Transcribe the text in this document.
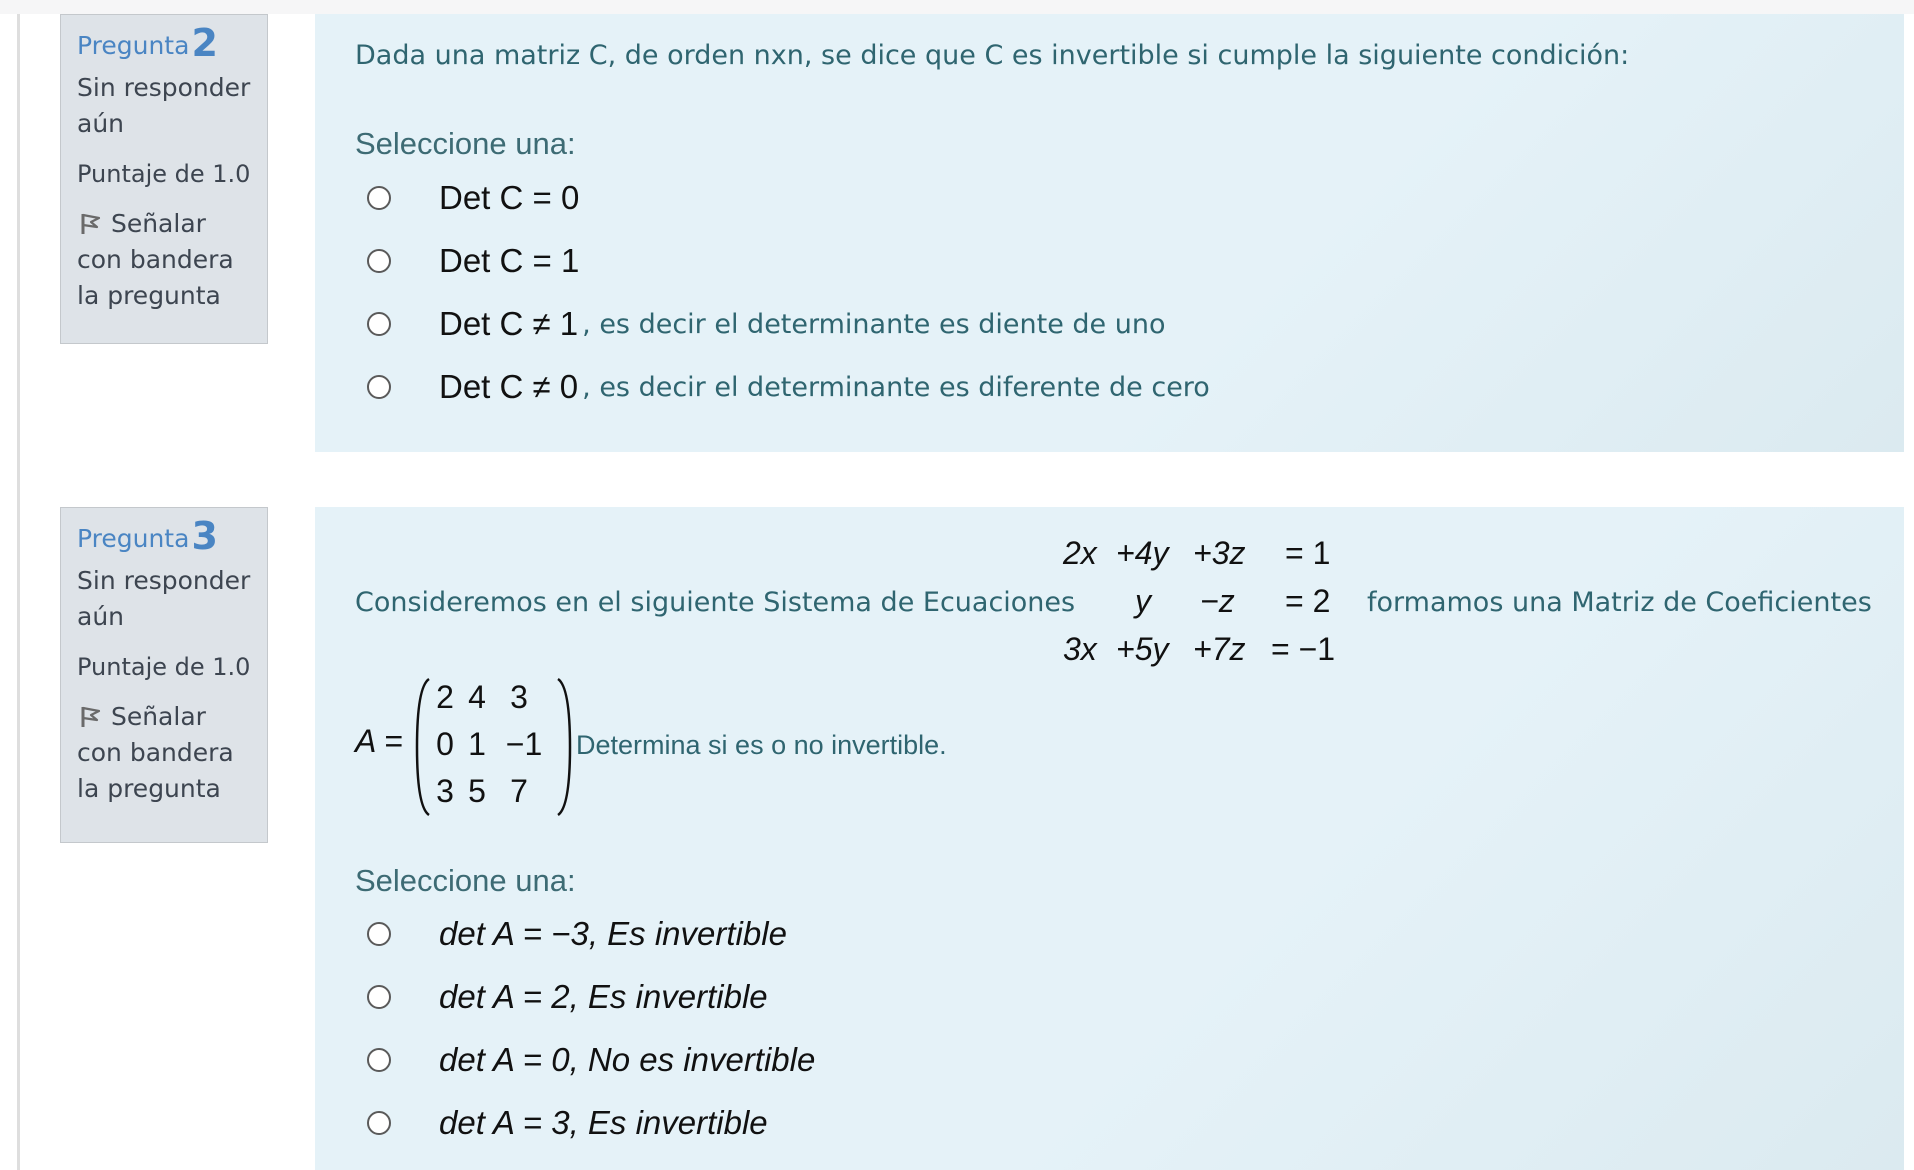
Pregunta2
Sin responder
aún
Puntaje de 1.0
Señalar
con bandera
la pregunta
Dada una matriz C, de orden nxn, se dice que C es invertible si cumple la siguiente condición:
Seleccione una:
Det C = 0
Det C = 1
Det C ≠ 1 , es decir el determinante es diente de uno
Det C ≠ 0 , es decir el determinante es diferente de cero
Pregunta3
Sin responder
aún
Puntaje de 1.0
Señalar
con bandera
la pregunta
Consideremos en el siguiente Sistema de Ecuaciones
2x +4y +3z = 1
y −z = 2
3x +5y +7z = −1
formamos una Matriz de Coeficientes
A =
2 4 3
0 1 −1
3 5 7
Determina si es o no invertible.
Seleccione una:
det A = −3, Es invertible
det A = 2, Es invertible
det A = 0, No es invertible
det A = 3, Es invertible
